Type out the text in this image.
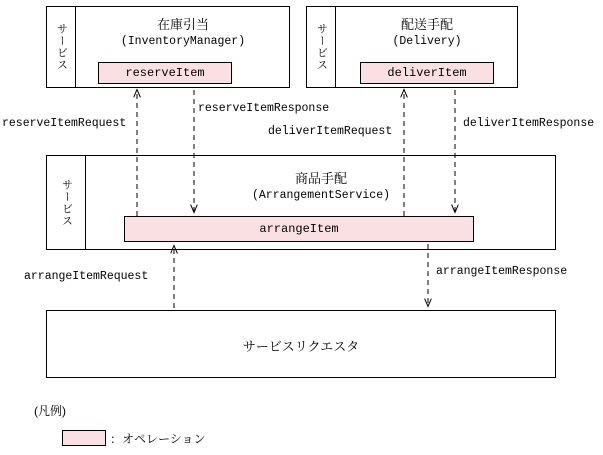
サービス	在庫引当
(InventoryManager)
reserveItem
サービス	配送手配
(Delivery)
deliverItem
サービス	商品手配
(ArrangementService)
arrangeItem
サービスリクエスタ
reserveItemRequest
reserveItemResponse
deliverItemRequest
deliverItemResponse
arrangeItemRequest	arrangeItemResponse
(凡例)
：オペレーション
